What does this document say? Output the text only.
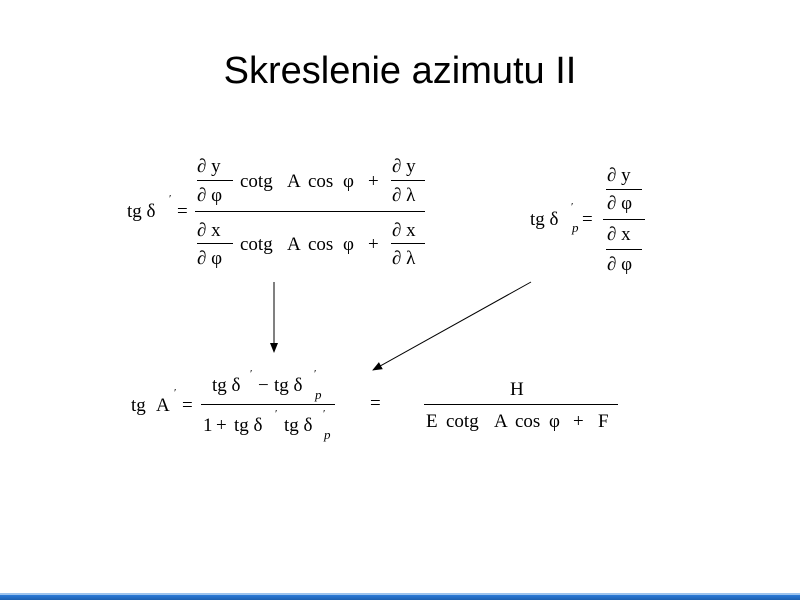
Skreslenie azimutu II
tg δ
′
=
∂ y
∂ φ
cotg A cos φ +
∂ y
∂ λ
∂ x
∂ φ
cotg A cos φ +
∂ x
∂ λ
tg δ
′
p =
∂ y
∂ φ
∂ x
∂ φ
tg A
′
=
tg δ
′
− tg δ
′
p
1 + tg δ
′
tg δ
′
p
=
H
E cotg A cos φ + F
